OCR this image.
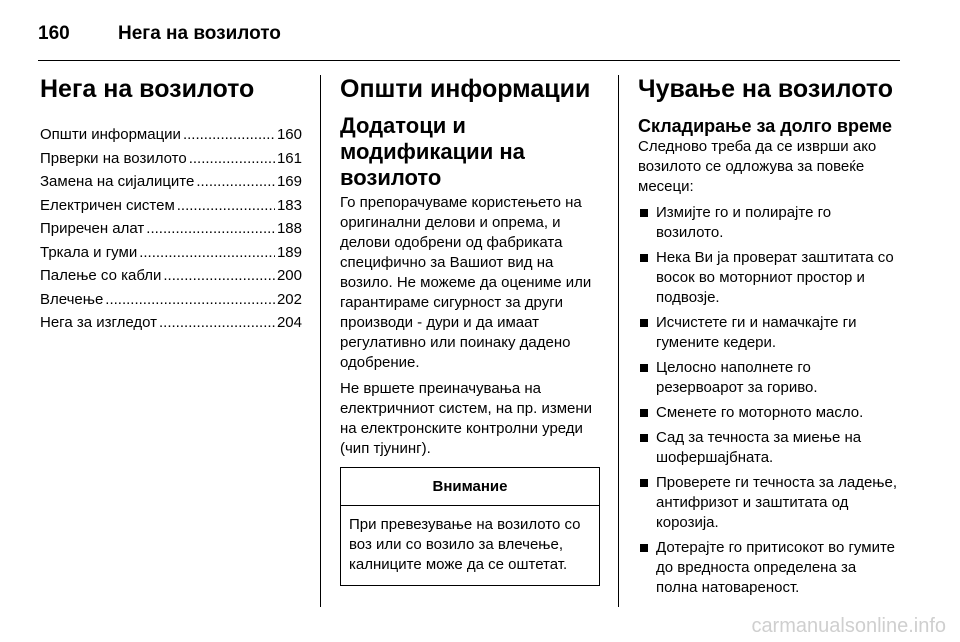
160	Нега на возилото
Нега на возилото
Општи информации .....	160
Прверки на возилото .....	161
Замена на сијалиците .....	169
Електричен систем .....	183
Приречен алат .....	188
Тркала и гуми .....	189
Палење со кабли .....	200
Влечење .....	202
Нега за изгледот .....	204
Општи информации
Додатоци и модификации на возилото

Го препорачуваме користењето на оригинални делови и опрема, и делови одобрени од фабриката специфично за Вашиот вид на возило. Не можеме да оцениме или гарантираме сигурност за други производи - дури и да имаат регулативно или поинаку дадено одобрение.

Не вршете преиначувања на електричниот систем, на пр. измени на електронските контролни уреди (чип тјунинг).

Внимание
При превезување на возилото со воз или со возило за влечење, калниците може да се оштетат.
Чување на возилото
Складирање за долго време

Следново треба да се изврши ако возилото се одложува за повеќе месеци:

Измијте го и полирајте го возилото.
Нека Ви ја проверат заштитата со восок во моторниот простор и подвозје.
Исчистете ги и намачкајте ги гумените кедери.
Целосно наполнете го резервоарот за гориво.
Сменете го моторното масло.
Сад за течноста за миење на шофершајбната.
Проверете ги течноста за ладење, антифризот и заштитата од корозија.
Дотерајте го притисокот во гумите до вредноста определена за полна натовареност.
carmanualsonline.info
